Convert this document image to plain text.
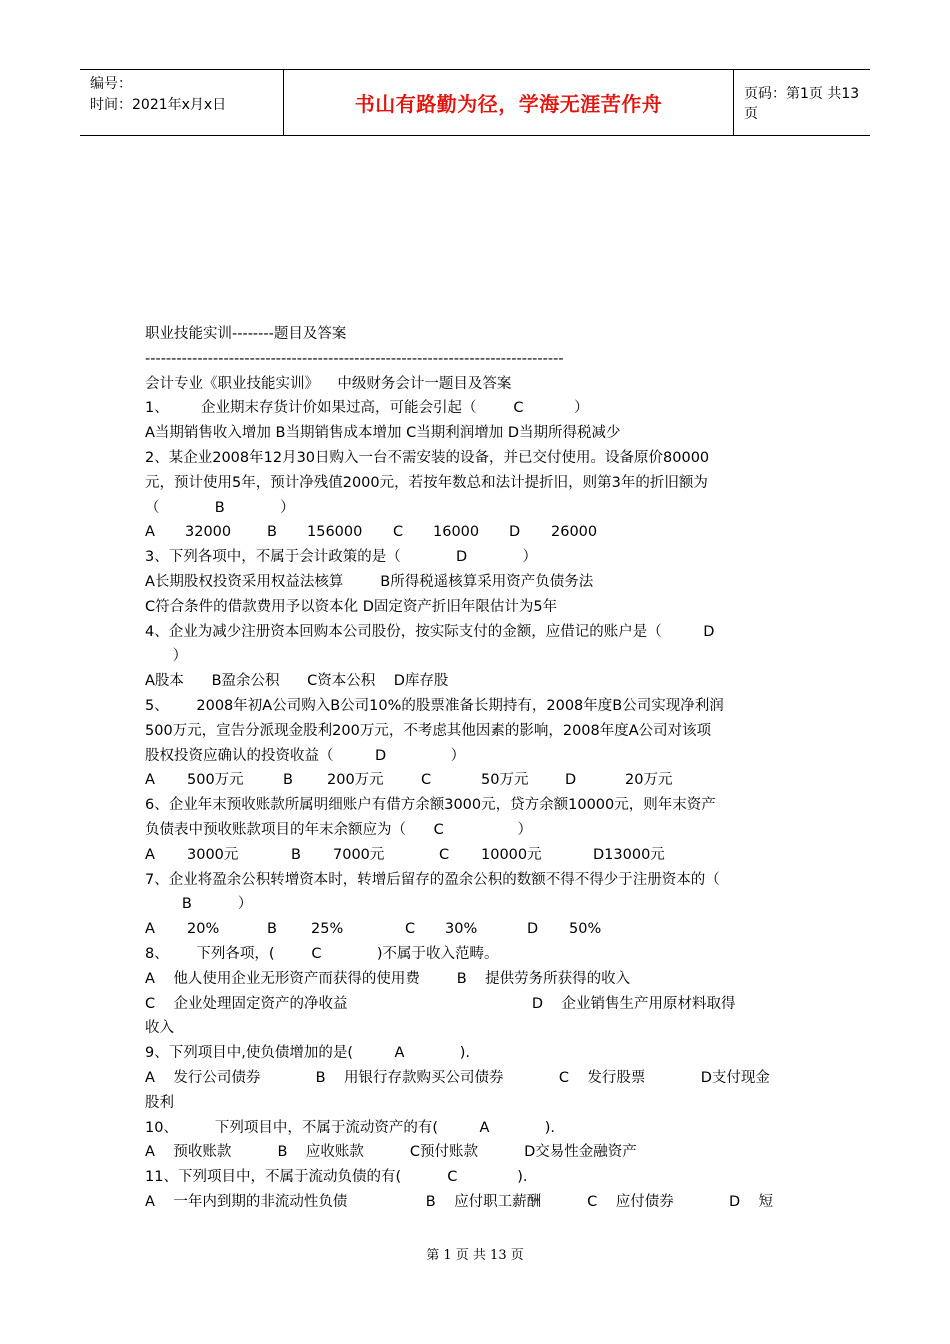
编号：
时间：2021年x月x日	书山有路勤为径，学海无涯苦作舟	页码：第1页 共13页
职业技能实训--------题目及答案
--------------------------------------------------------------------------------
会计专业《职业技能实训》    中级财务会计一题目及答案
1、       企业期末存货计价如果过高，可能会引起（        C           ）
A当期销售收入增加 B当期销售成本增加 C当期利润增加 D当期所得税减少
2、某企业2008年12月30日购入一台不需安装的设备，并已交付使用。设备原价80000
元，预计使用5年，预计净残值2000元，若按年数总和法计提折旧，则第3年的折旧额为
（            B            ）
A	32000	B	156000	C	16000	D	26000
3、下列各项中，不属于会计政策的是（            D            ）
A长期股权投资采用权益法核算        B所得税遥核算采用资产负债务法
C符合条件的借款费用予以资本化 D固定资产折旧年限估计为5年
4、企业为减少注册资本回购本公司股份，按实际支付的金额，应借记的账户是（         D
）
A股本      B盈余公积      C资本公积    D库存股
5、      2008年初A公司购入B公司10%的股票准备长期持有，2008年度B公司实现净利润
500万元，宣告分派现金股利200万元，不考虑其他因素的影响，2008年度A公司对该项
股权投资应确认的投资收益（         D              ）
A	500万元	B	200万元	C	50万元	D	20万元
6、企业年末预收账款所属明细账户有借方余额3000元，贷方余额10000元，则年末资产
负债表中预收账款项目的年末余额应为（      C                ）
A	3000元	B	7000元	C	10000元	D13000元
7、企业将盈余公积转增资本时，转增后留存的盈余公积的数额不得不得少于注册资本的（
B          ）
A	20%	B	25%	C	30%	D	50%
8、      下列各项，(        C            )不属于收入范畴。
A    他人使用企业无形资产而获得的使用费        B    提供劳务所获得的收入
C    企业处理固定资产的净收益                                        D    企业销售生产用原材料取得
收入
9、下列项目中,使负债增加的是(         A            ).
A    发行公司债券            B    用银行存款购买公司债券            C    发行股票            D支付现金
股利
10、        下列项目中，不属于流动资产的有(         A            ).
A    预收账款          B    应收账款          C预付账款          D交易性金融资产
11、下列项目中，不属于流动负债的有(          C             ).
A    一年内到期的非流动性负债                 B    应付职工薪酬          C    应付债券            D    短
第 1 页 共 13 页
